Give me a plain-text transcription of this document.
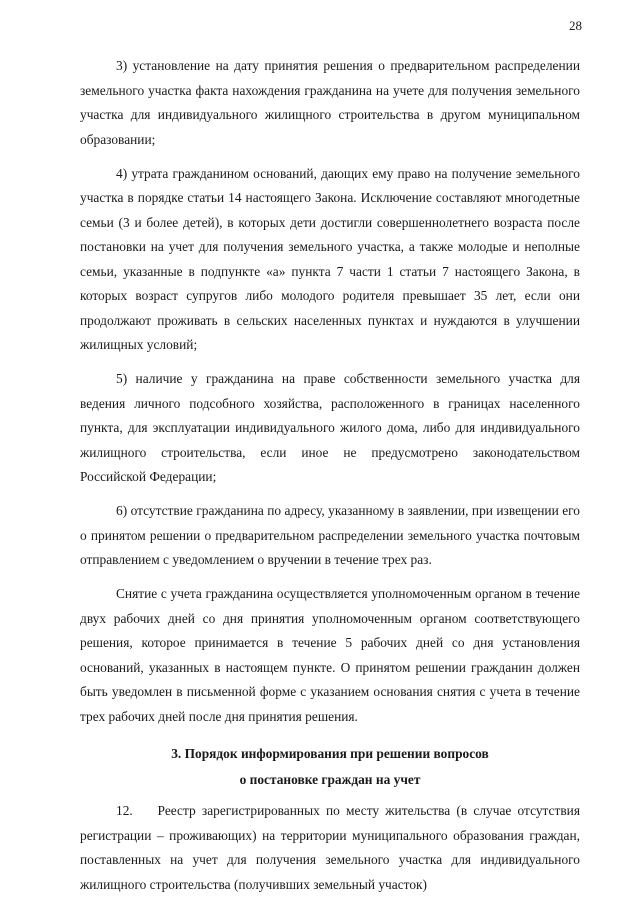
28

3) установление на дату принятия решения о предварительном распределении земельного участка факта нахождения гражданина на учете для получения земельного участка для индивидуального жилищного строительства в другом муниципальном образовании;

4) утрата гражданином оснований, дающих ему право на получение земельного участка в порядке статьи 14 настоящего Закона. Исключение составляют многодетные семьи (3 и более детей), в которых дети достигли совершеннолетнего возраста после постановки на учет для получения земельного участка, а также молодые и неполные семьи, указанные в подпункте «а» пункта 7 части 1 статьи 7 настоящего Закона, в которых возраст супругов либо молодого родителя превышает 35 лет, если они продолжают проживать в сельских населенных пунктах и нуждаются в улучшении жилищных условий;

5) наличие у гражданина на праве собственности земельного участка для ведения личного подсобного хозяйства, расположенного в границах населенного пункта, для эксплуатации индивидуального жилого дома, либо для индивидуального жилищного строительства, если иное не предусмотрено законодательством Российской Федерации;

6) отсутствие гражданина по адресу, указанному в заявлении, при извещении его о принятом решении о предварительном распределении земельного участка почтовым отправлением с уведомлением о вручении в течение трех раз.

Снятие с учета гражданина осуществляется уполномоченным органом в течение двух рабочих дней со дня принятия уполномоченным органом соответствующего решения, которое принимается в течение 5 рабочих дней со дня установления оснований, указанных в настоящем пункте. О принятом решении гражданин должен быть уведомлен в письменной форме с указанием основания снятия с учета в течение трех рабочих дней после дня принятия решения.

3. Порядок информирования при решении вопросов
о постановке граждан на учет

12.    Реестр зарегистрированных по месту жительства (в случае отсутствия регистрации – проживающих) на территории муниципального образования граждан, поставленных на учет для получения земельного участка для индивидуального жилищного строительства (получивших земельный участок)
